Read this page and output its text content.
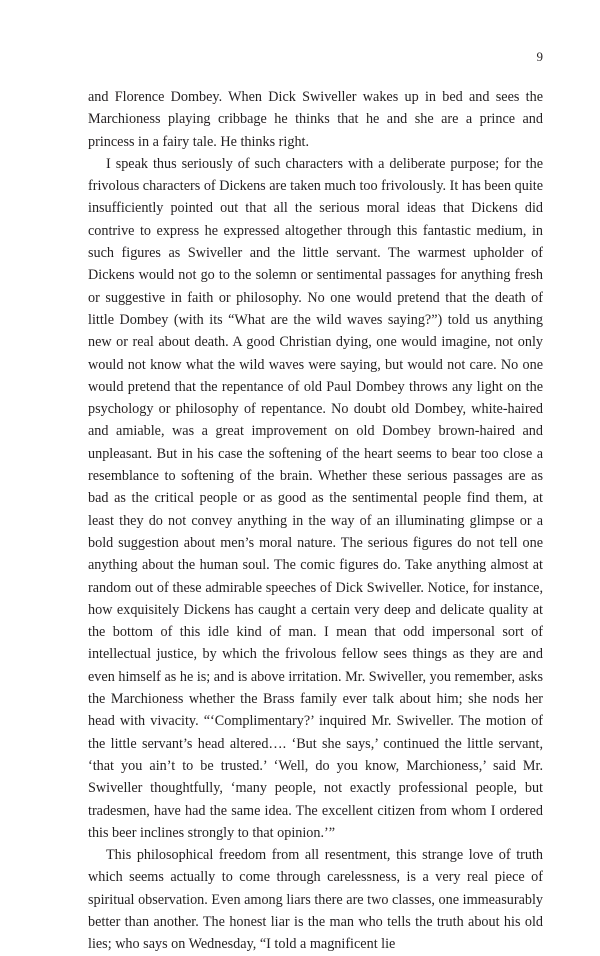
9

and Florence Dombey. When Dick Swiveller wakes up in bed and sees the Marchioness playing cribbage he thinks that he and she are a prince and princess in a fairy tale. He thinks right.

I speak thus seriously of such characters with a deliberate purpose; for the frivolous characters of Dickens are taken much too frivolously. It has been quite insufficiently pointed out that all the serious moral ideas that Dickens did contrive to express he expressed altogether through this fantastic medium, in such figures as Swiveller and the little servant. The warmest upholder of Dickens would not go to the solemn or sentimental passages for anything fresh or suggestive in faith or philosophy. No one would pretend that the death of little Dombey (with its “What are the wild waves saying?”) told us anything new or real about death. A good Christian dying, one would imagine, not only would not know what the wild waves were saying, but would not care. No one would pretend that the repentance of old Paul Dombey throws any light on the psychology or philosophy of repentance. No doubt old Dombey, white-haired and amiable, was a great improvement on old Dombey brown-haired and unpleasant. But in his case the softening of the heart seems to bear too close a resemblance to softening of the brain. Whether these serious passages are as bad as the critical people or as good as the sentimental people find them, at least they do not convey anything in the way of an illuminating glimpse or a bold suggestion about men’s moral nature. The serious figures do not tell one anything about the human soul. The comic figures do. Take anything almost at random out of these admirable speeches of Dick Swiveller. Notice, for instance, how exquisitely Dickens has caught a certain very deep and delicate quality at the bottom of this idle kind of man. I mean that odd impersonal sort of intellectual justice, by which the frivolous fellow sees things as they are and even himself as he is; and is above irritation. Mr. Swiveller, you remember, asks the Marchioness whether the Brass family ever talk about him; she nods her head with vivacity. “‘Complimentary?’ inquired Mr. Swiveller. The motion of the little servant’s head altered…. ‘But she says,’ continued the little servant, ‘that you ain’t to be trusted.’ ‘Well, do you know, Marchioness,’ said Mr. Swiveller thoughtfully, ‘many people, not exactly professional people, but tradesmen, have had the same idea. The excellent citizen from whom I ordered this beer inclines strongly to that opinion.’”

This philosophical freedom from all resentment, this strange love of truth which seems actually to come through carelessness, is a very real piece of spiritual observation. Even among liars there are two classes, one immeasurably better than another. The honest liar is the man who tells the truth about his old lies; who says on Wednesday, “I told a magnificent lie
